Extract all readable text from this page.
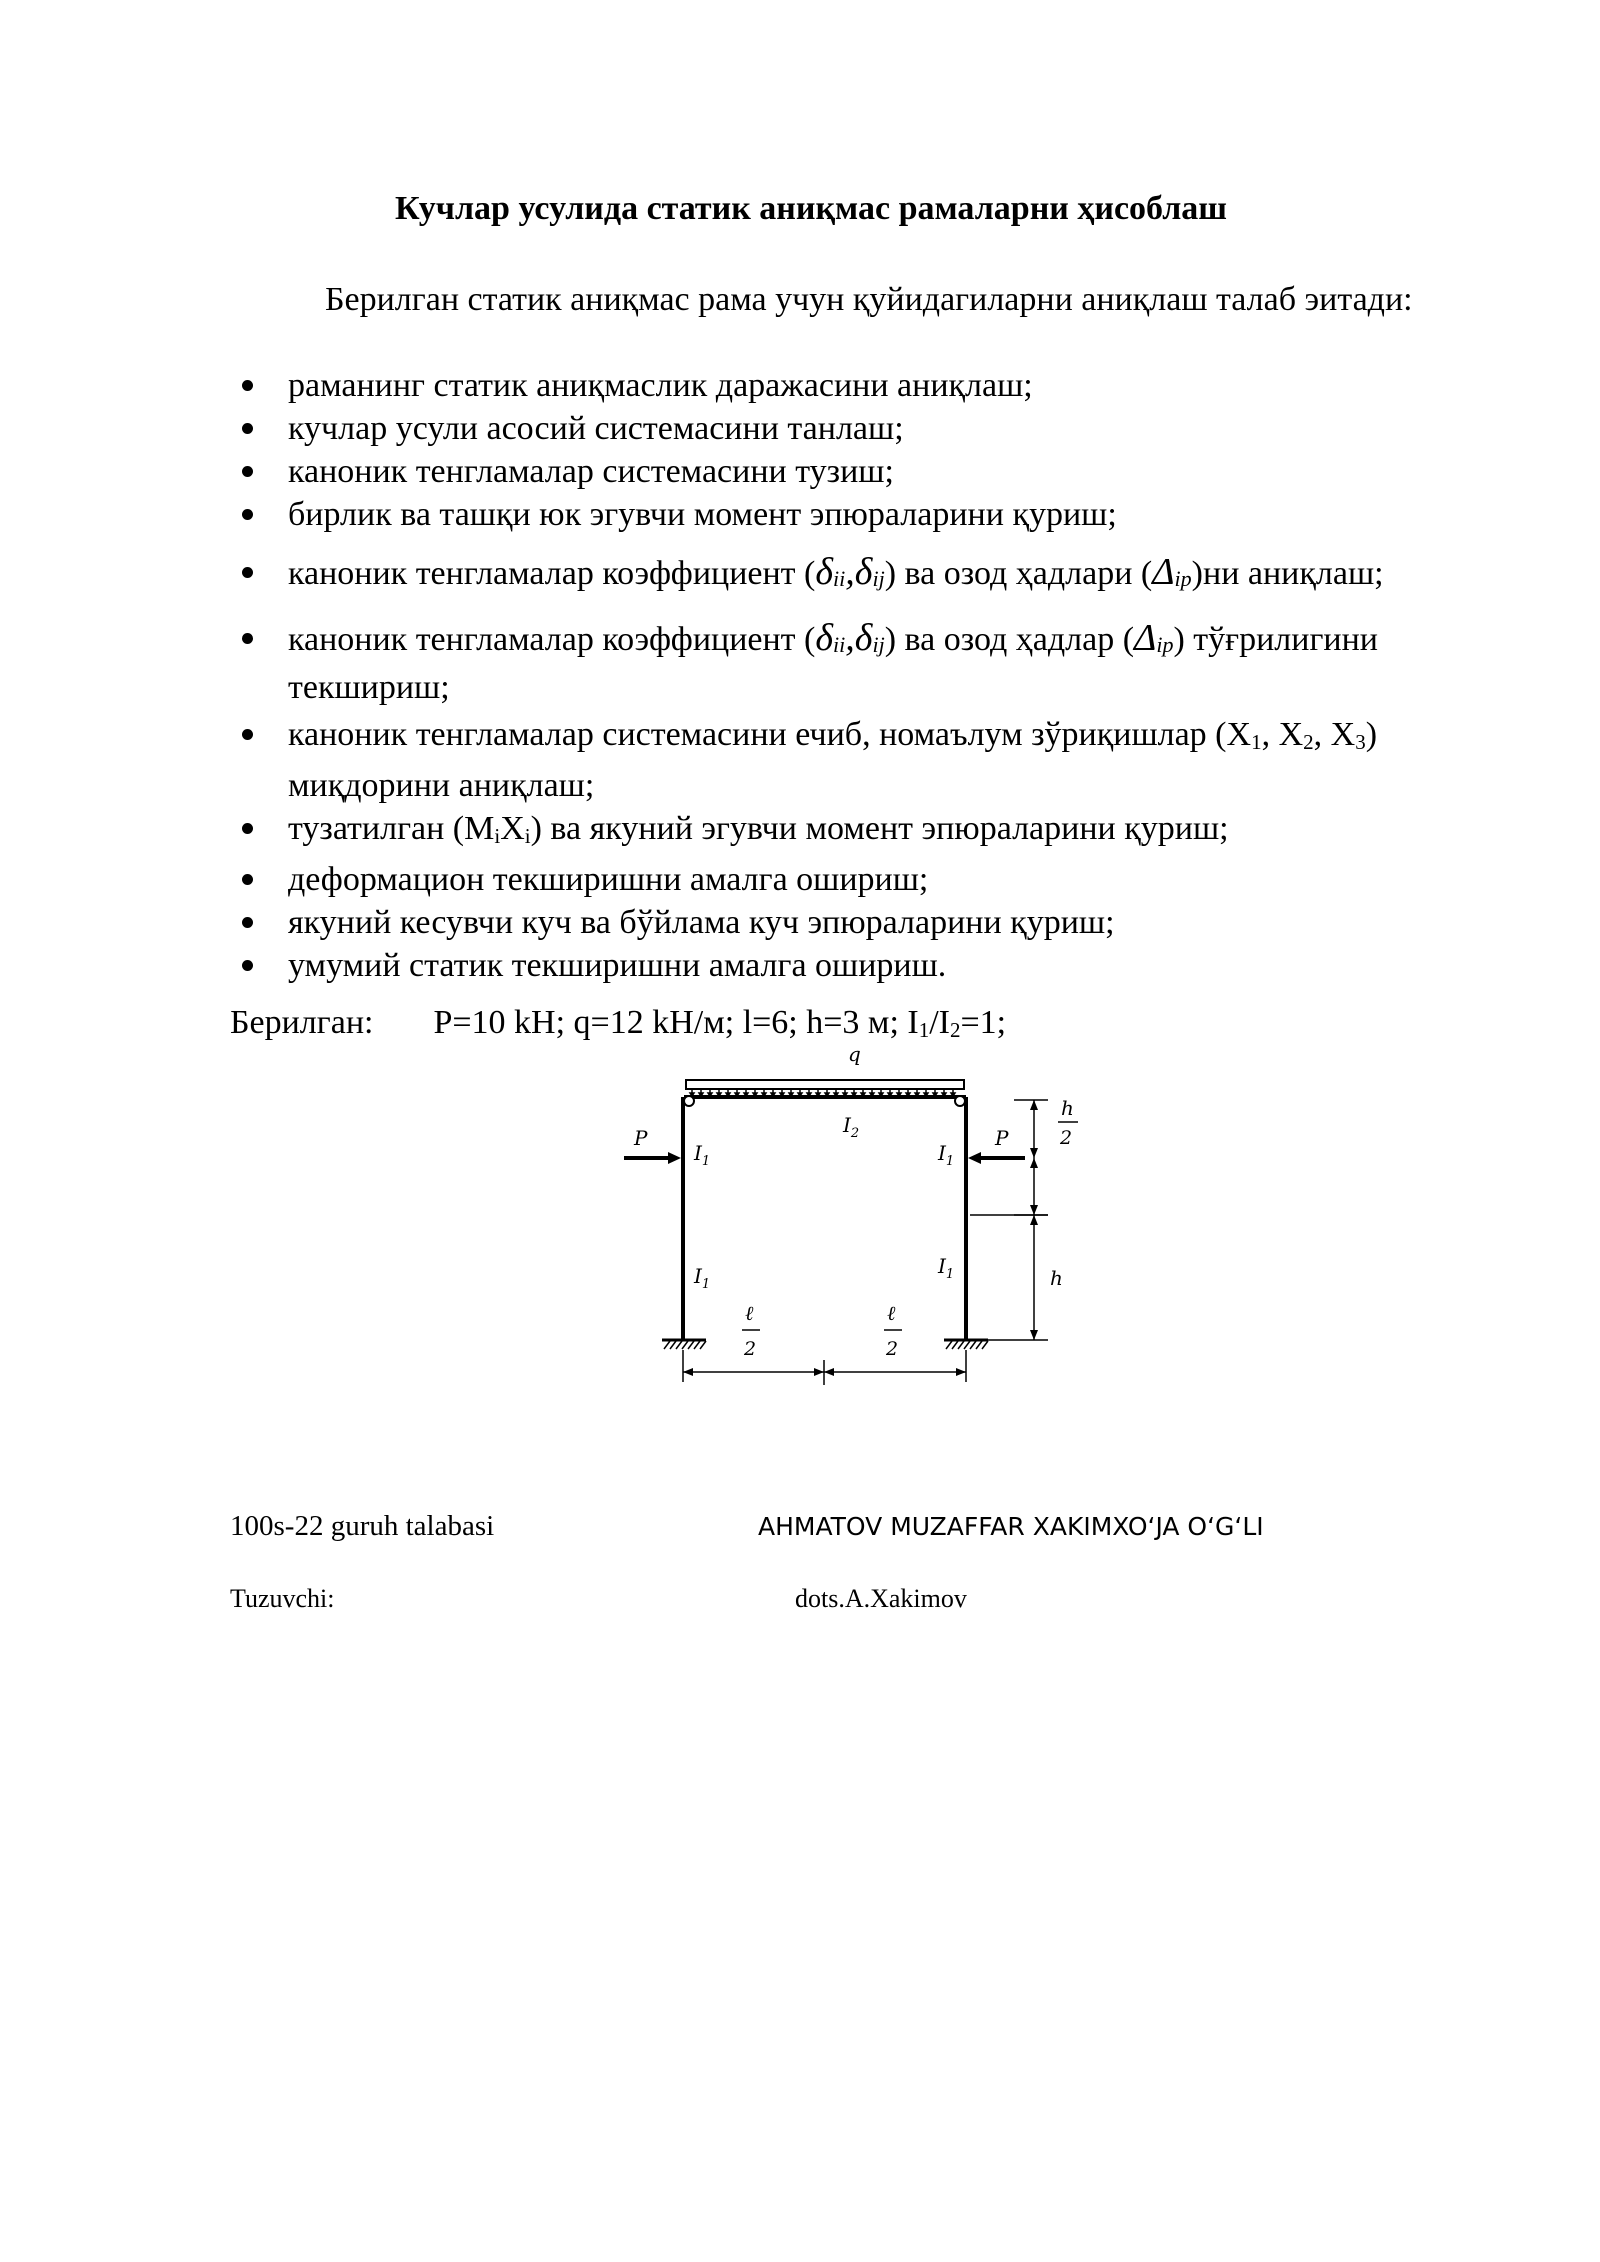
Кучлар усулида статик аниқмас рамаларни ҳисоблаш
Берилган статик аниқмас рама учун қуйидагиларни аниқлаш талаб эитади:
раманинг статик аниқмаслик даражасини аниқлаш;
кучлар усули асосий системасини танлаш;
каноник тенгламалар системасини тузиш;
бирлик ва ташқи юк эгувчи момент эпюраларини қуриш;
каноник тенгламалар коэффициент $(\delta_{ii},\delta_{ij})$ ва озод ҳадлари $(\Delta_{ip})ни$ аниқлаш;
каноник тенгламалар коэффициент $(\delta_{ii},\delta_{ij})$ ва озод ҳадлар $(\Delta_{ip})$ тўғрилигини текшириш;
каноник тенгламалар системасини ечиб, номаълум зўриқишлар ($X_1$, $X_2$, $X_3$) миқдорини аниқлаш;
тузатилган $(M_iX_i)$ ва якуний эгувчи момент эпюраларини қуриш;
деформацион текширишни амалга ошириш;
якуний кесувчи куч ва бўйлама куч эпюраларини қуриш;
умумий статик текширишни амалга ошириш.
Берилган: P=10 kH; q=12 kH/м; l=6; h=3 м; $I_1/I_2=1$;
q
P	P
$I_1$
$I_2$
$I_1$
$I_1$
$I_1$
h
2
h
ℓ
2
ℓ
2
100s-22 guruh talabasi	AHMATOV MUZAFFAR XAKIMXOʻJA OʻGʻLI
Tuzuvchi:	dots.A.Xakimov
